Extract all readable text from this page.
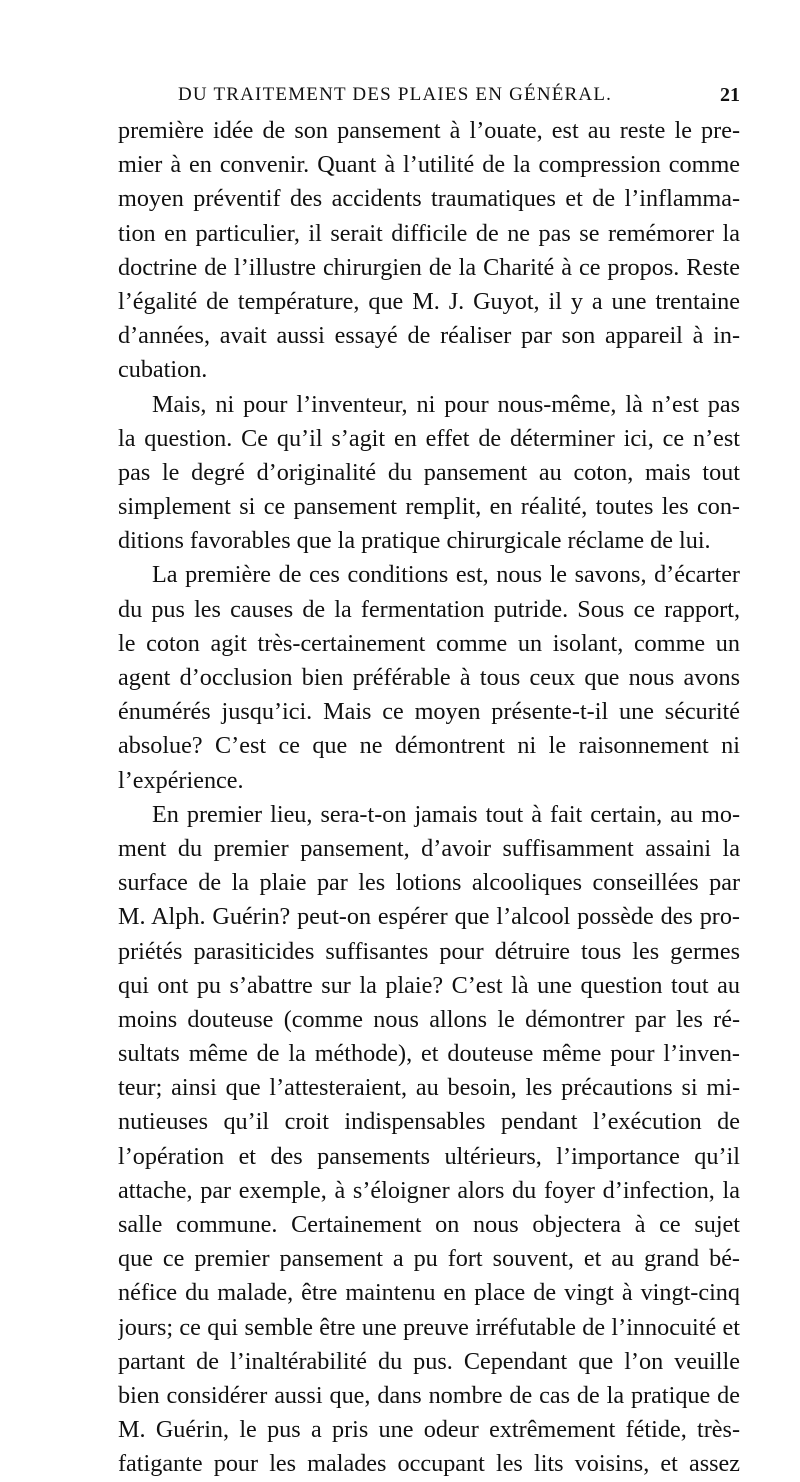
DU TRAITEMENT DES PLAIES EN GÉNÉRAL.	21
première idée de son pansement à l’ouate, est au reste le pre-
mier à en convenir. Quant à l’utilité de la compression comme
moyen préventif des accidents traumatiques et de l’inflamma-
tion en particulier, il serait difficile de ne pas se remémorer la
doctrine de l’illustre chirurgien de la Charité à ce propos. Reste
l’égalité de température, que M. J. Guyot, il y a une trentaine
d’années, avait aussi essayé de réaliser par son appareil à in-
cubation.
Mais, ni pour l’inventeur, ni pour nous-même, là n’est pas
la question. Ce qu’il s’agit en effet de déterminer ici, ce n’est
pas le degré d’originalité du pansement au coton, mais tout
simplement si ce pansement remplit, en réalité, toutes les con-
ditions favorables que la pratique chirurgicale réclame de lui.
La première de ces conditions est, nous le savons, d’écarter
du pus les causes de la fermentation putride. Sous ce rapport,
le coton agit très-certainement comme un isolant, comme un
agent d’occlusion bien préférable à tous ceux que nous avons
énumérés jusqu’ici. Mais ce moyen présente-t-il une sécurité
absolue? C’est ce que ne démontrent ni le raisonnement ni
l’expérience.
En premier lieu, sera-t-on jamais tout à fait certain, au mo-
ment du premier pansement, d’avoir suffisamment assaini la
surface de la plaie par les lotions alcooliques conseillées par
M. Alph. Guérin? peut-on espérer que l’alcool possède des pro-
priétés parasiticides suffisantes pour détruire tous les germes
qui ont pu s’abattre sur la plaie? C’est là une question tout au
moins douteuse (comme nous allons le démontrer par les ré-
sultats même de la méthode), et douteuse même pour l’inven-
teur; ainsi que l’attesteraient, au besoin, les précautions si mi-
nutieuses qu’il croit indispensables pendant l’exécution de
l’opération et des pansements ultérieurs, l’importance qu’il
attache, par exemple, à s’éloigner alors du foyer d’infection, la
salle commune. Certainement on nous objectera à ce sujet
que ce premier pansement a pu fort souvent, et au grand bé-
néfice du malade, être maintenu en place de vingt à vingt-cinq
jours; ce qui semble être une preuve irréfutable de l’innocuité et
partant de l’inaltérabilité du pus. Cependant que l’on veuille
bien considérer aussi que, dans nombre de cas de la pratique de
M. Guérin, le pus a pris une odeur extrêmement fétide, très-
fatigante pour les malades occupant les lits voisins, et assez
